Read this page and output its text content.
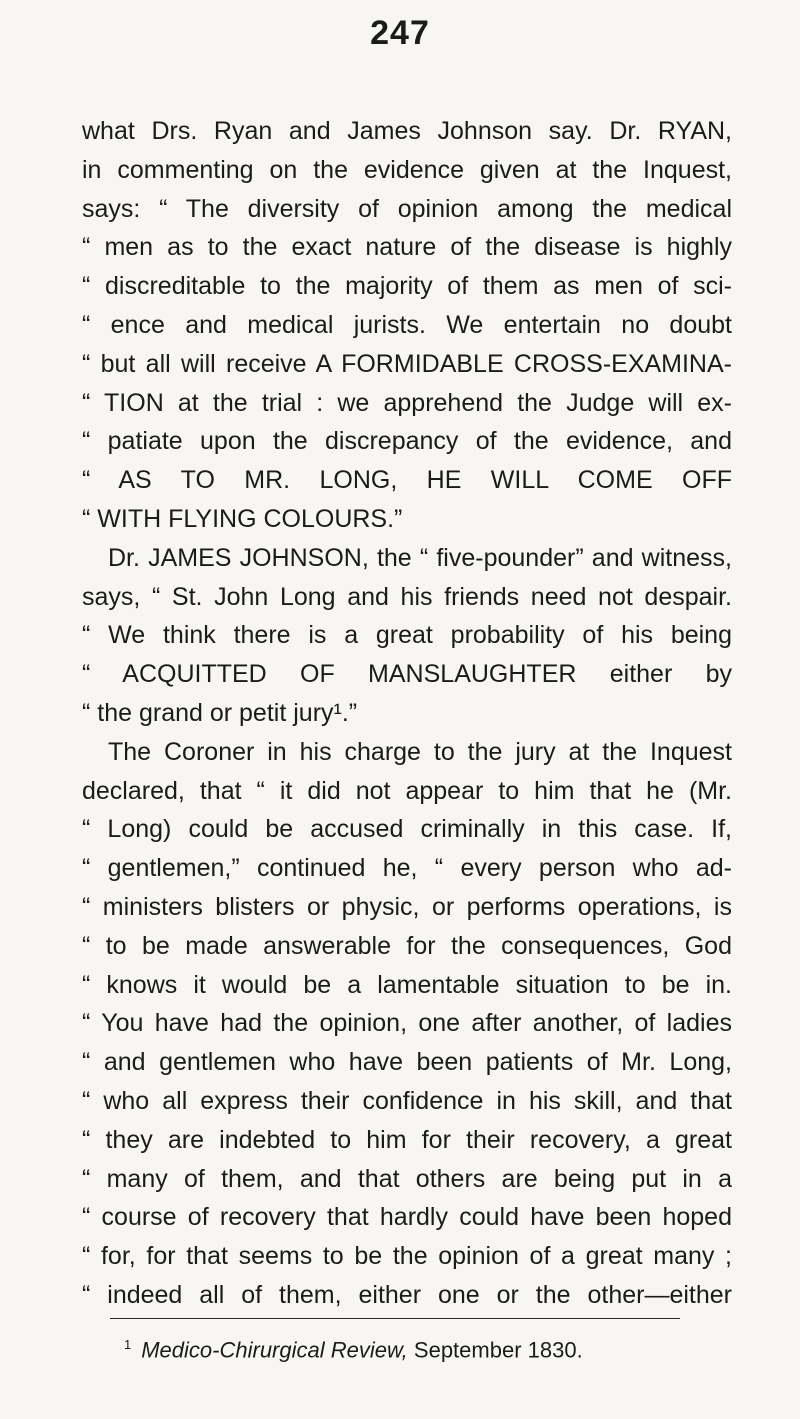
247
what Drs. Ryan and James Johnson say. Dr. RYAN,
in commenting on the evidence given at the Inquest,
says: “ The diversity of opinion among the medical
“ men as to the exact nature of the disease is highly
“ discreditable to the majority of them as men of sci-
“ ence and medical jurists. We entertain no doubt
“ but all will receive A FORMIDABLE CROSS-EXAMINA-
“ TION at the trial : we apprehend the Judge will ex-
“ patiate upon the discrepancy of the evidence, and
“ AS TO MR. LONG, HE WILL COME OFF
“ WITH FLYING COLOURS.”
Dr. JAMES JOHNSON, the “ five-pounder” and witness,
says, “ St. John Long and his friends need not despair.
“ We think there is a great probability of his being
“ ACQUITTED OF MANSLAUGHTER either by
“ the grand or petit jury¹.”
The Coroner in his charge to the jury at the Inquest
declared, that “ it did not appear to him that he (Mr.
“ Long) could be accused criminally in this case. If,
“ gentlemen,” continued he, “ every person who ad-
“ ministers blisters or physic, or performs operations, is
“ to be made answerable for the consequences, God
“ knows it would be a lamentable situation to be in.
“ You have had the opinion, one after another, of ladies
“ and gentlemen who have been patients of Mr. Long,
“ who all express their confidence in his skill, and that
“ they are indebted to him for their recovery, a great
“ many of them, and that others are being put in a
“ course of recovery that hardly could have been hoped
“ for, for that seems to be the opinion of a great many ;
“ indeed all of them, either one or the other—either
$^1$ Medico-Chirurgical Review, September 1830.
